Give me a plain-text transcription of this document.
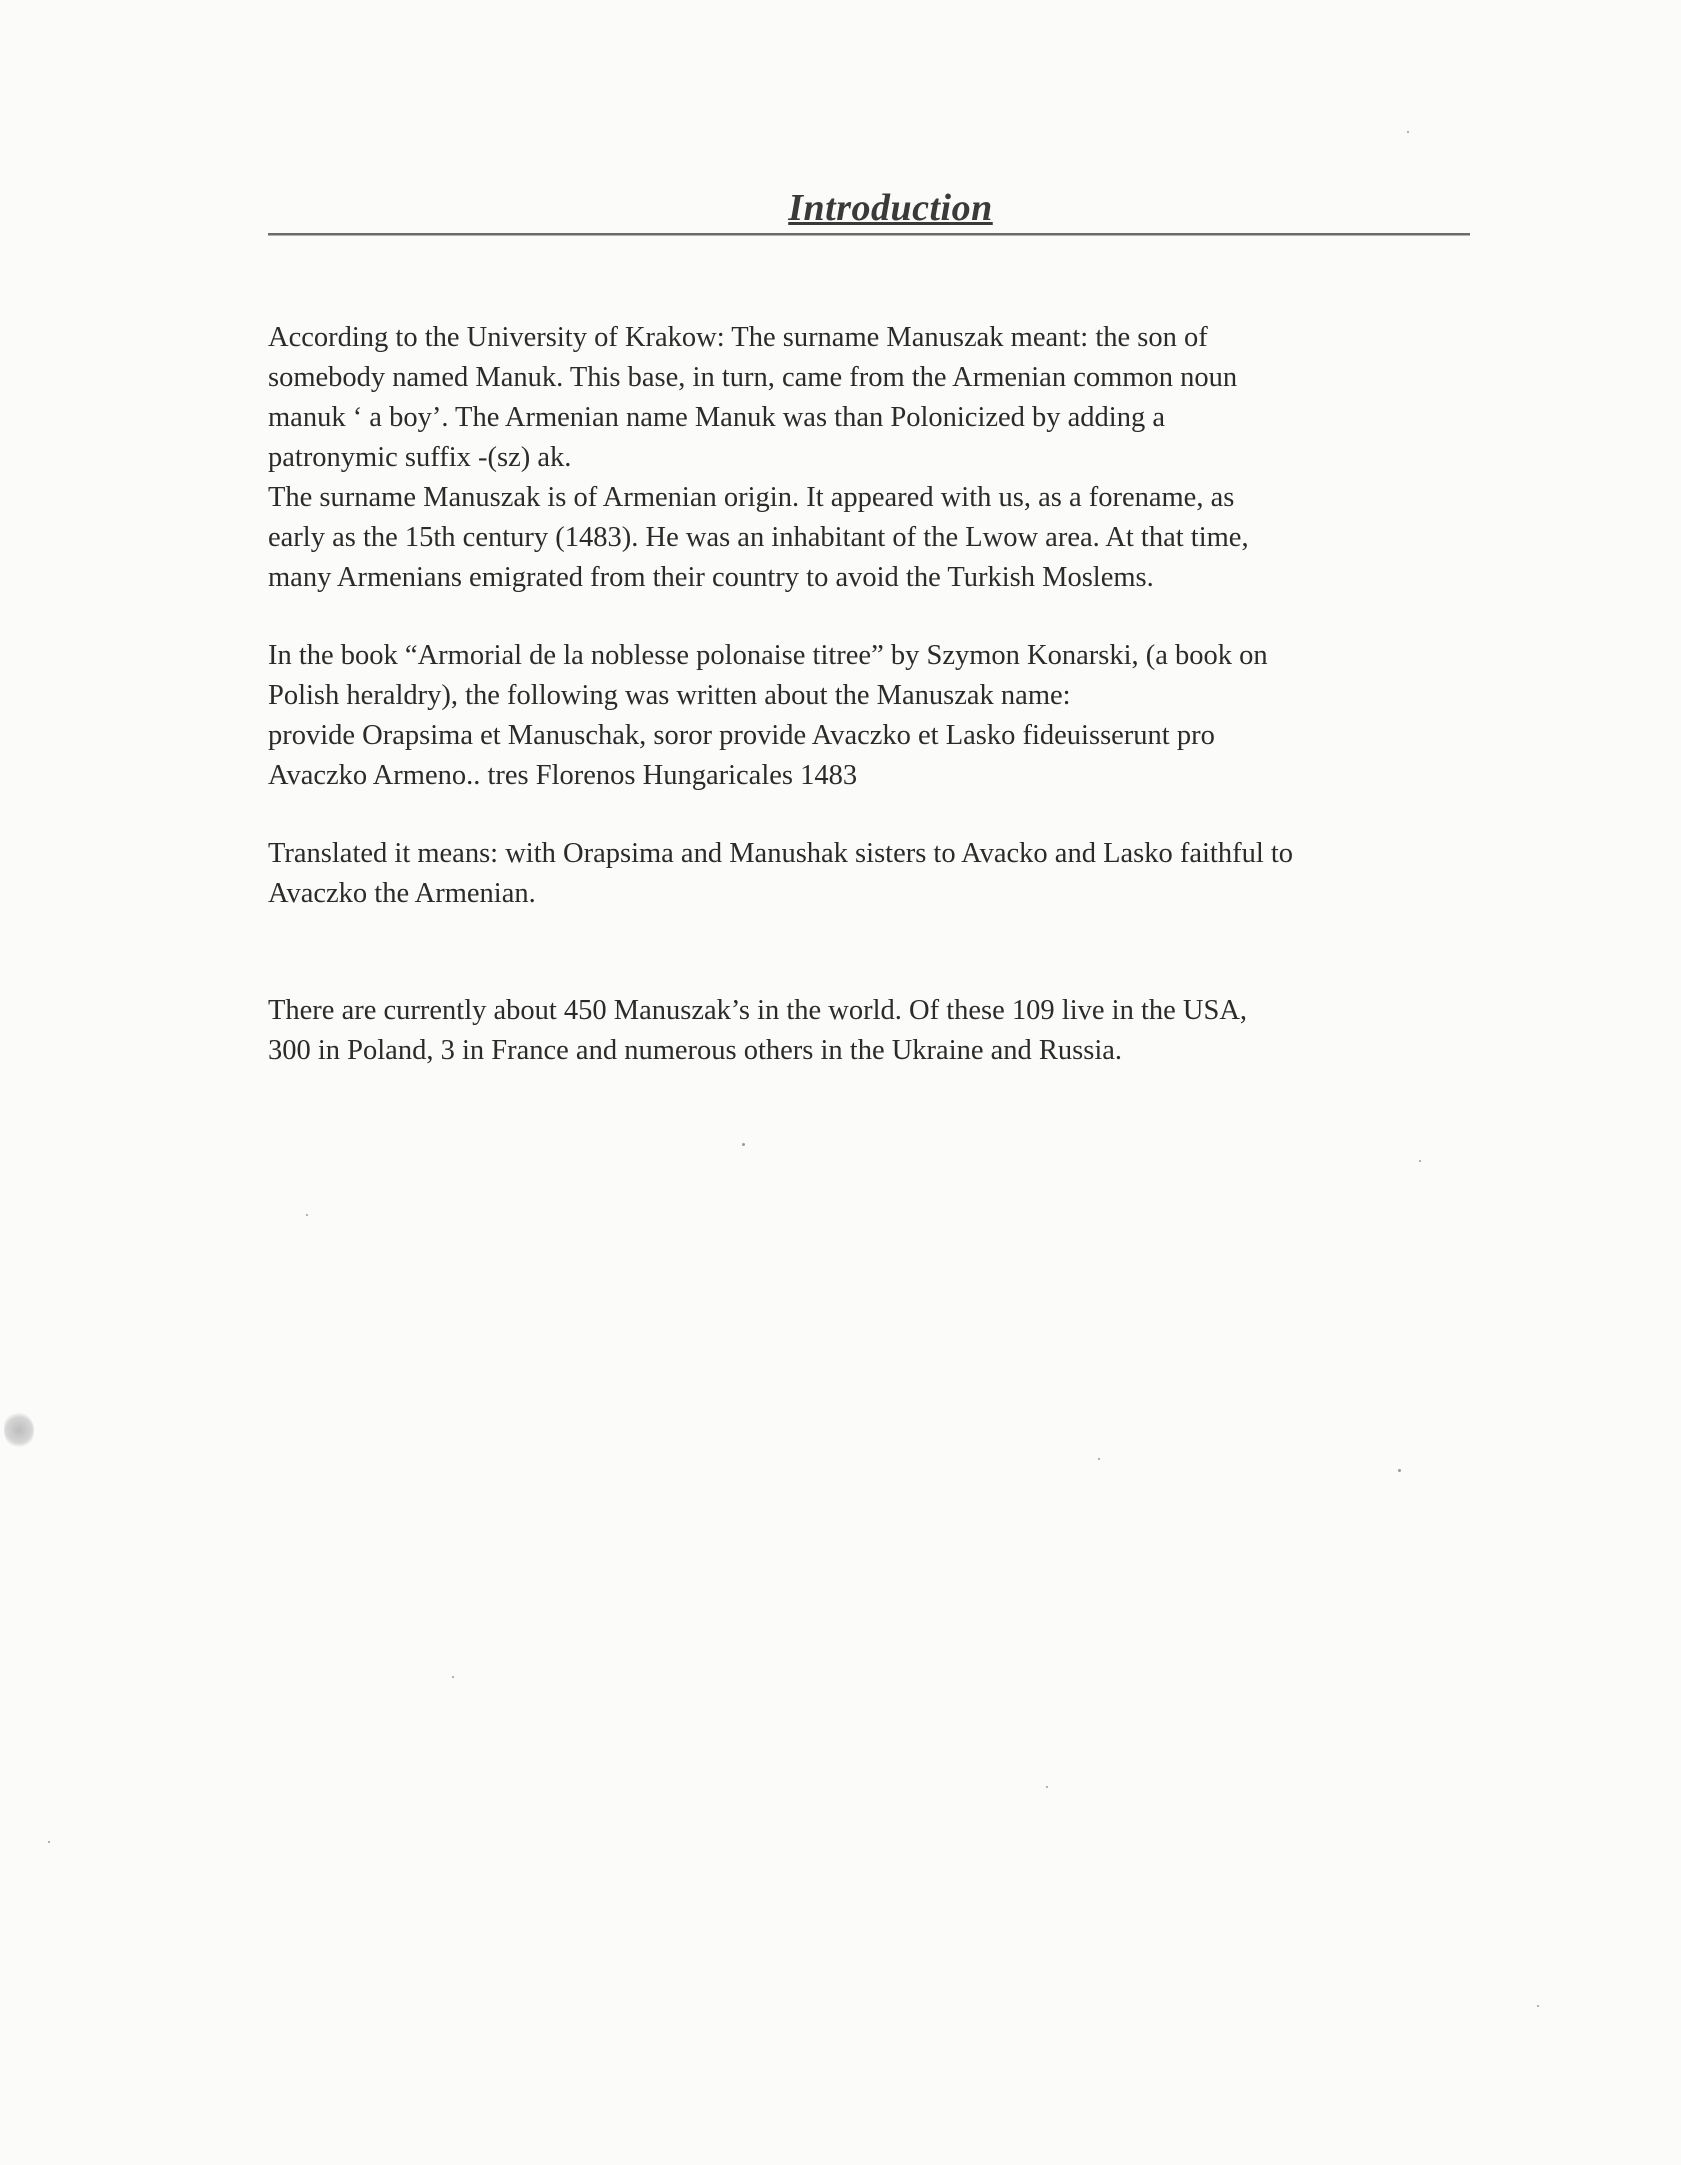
Introduction

According to the University of Krakow: The surname Manuszak meant: the son of

somebody named Manuk. This base, in turn, came from the Armenian common noun

manuk ‘ a boy’. The Armenian name Manuk was than Polonicized by adding a

patronymic suffix -(sz) ak.

The surname Manuszak is of Armenian origin. It appeared with us, as a forename, as

early as the 15th century (1483). He was an inhabitant of the Lwow area. At that time,

many Armenians emigrated from their country to avoid the Turkish Moslems.

In the book “Armorial de la noblesse polonaise titree” by Szymon Konarski, (a book on

Polish heraldry), the following was written about the Manuszak name:

provide Orapsima et Manuschak, soror provide Avaczko et Lasko fideuisserunt pro

Avaczko Armeno.. tres Florenos Hungaricales 1483

Translated it means: with Orapsima and Manushak sisters to Avacko and Lasko faithful to

Avaczko the Armenian.

There are currently about 450 Manuszak’s in the world. Of these 109 live in the USA,

300 in Poland, 3 in France and numerous others in the Ukraine and Russia.
